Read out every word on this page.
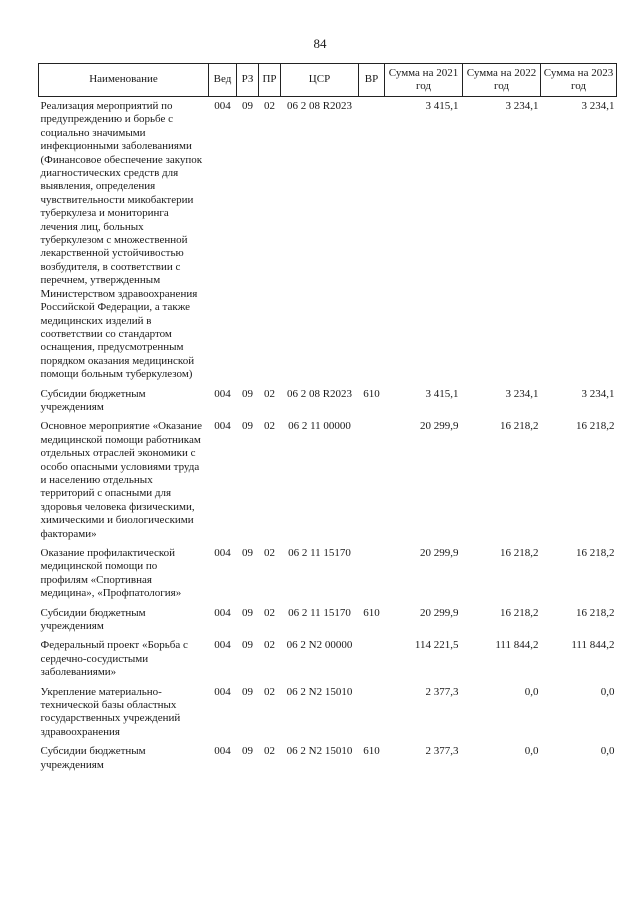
84
Наименование	Вед	РЗ	ПР	ЦСР	ВР	Сумма на 2021 год	Сумма на 2022 год	Сумма на 2023 год
Реализация мероприятий по предупреждению и борьбе с социально значимыми инфекционными заболеваниями (Финансовое обеспечение закупок диагностических средств для выявления, определения чувствительности микобактерии туберкулеза и мониторинга лечения лиц, больных туберкулезом с множественной лекарственной устойчивостью возбудителя, в соответствии с перечнем, утвержденным Министерством здравоохранения Российской Федерации, а также медицинских изделий в соответствии со стандартом оснащения, предусмотренным порядком оказания медицинской помощи больным туберкулезом)	004	09	02	06 2 08 R2023		3 415,1	3 234,1	3 234,1
Субсидии бюджетным учреждениям	004	09	02	06 2 08 R2023	610	3 415,1	3 234,1	3 234,1
Основное мероприятие «Оказание медицинской помощи работникам отдельных отраслей экономики с особо опасными условиями труда и населению отдельных территорий с опасными для здоровья человека физическими, химическими и биологическими факторами»	004	09	02	06 2 11 00000		20 299,9	16 218,2	16 218,2
Оказание профилактической медицинской помощи по профилям «Спортивная медицина», «Профпатология»	004	09	02	06 2 11 15170		20 299,9	16 218,2	16 218,2
Субсидии бюджетным учреждениям	004	09	02	06 2 11 15170	610	20 299,9	16 218,2	16 218,2
Федеральный проект «Борьба с сердечно-сосудистыми заболеваниями»	004	09	02	06 2 N2 00000		114 221,5	111 844,2	111 844,2
Укрепление материально-технической базы областных государственных учреждений здравоохранения	004	09	02	06 2 N2 15010		2 377,3	0,0	0,0
Субсидии бюджетным учреждениям	004	09	02	06 2 N2 15010	610	2 377,3	0,0	0,0
